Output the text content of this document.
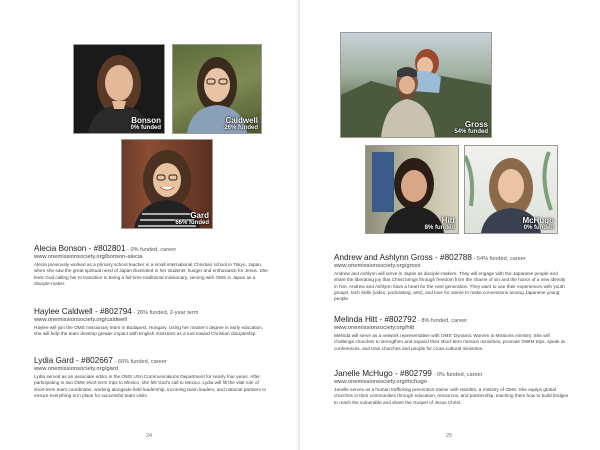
Bonson
0% funded
Caldwell
26% funded
Gard
66% funded
Alecia Bonson - #802801 - 0% funded, career
www.onemissionsociety.org/bonson-alecia
Alecia previously worked as a primary school teacher in a small international Christian school in Tokyo, Japan, when she saw the great spiritual need of Japan illustrated in her students' hunger and enthusiasm for Jesus. She feels God calling her to transition to being a full-time traditional missionary, serving with OMS in Japan as a disciple-maker.
Haylee Caldwell - #802794 - 26% funded, 2-year term
www.onemissionsociety.org/caldwell
Haylee will join the OMS missionary team in Budapest, Hungary. Using her master's degree in early education, she will help the team develop greater impact with English ministries as a tool toward Christian discipleship.
Lydia Gard - #802667 - 66% funded, career
www.onemissionsociety.org/gard
Lydia served as an associate editor in the OMS USA Communications Department for nearly four years. After participating in two OMS short-term trips to Mexico, she felt God's call to Mexico. Lydia will fill the vital role of short-term team coordinator, working alongside field leadership, incoming team leaders, and national partners to ensure everything is in place for successful team visits.
24
Gross
54% funded
Hitt
8% funded
McHugo
0% funded
Andrew and Ashlynn Gross - #802788 - 54% funded, career
www.onemissionsociety.org/gross
Andrew and Ashlynn will serve in Japan as disciple-makers. They will engage with the Japanese people and share the liberating joy that Christ brings through freedom from the shame of sin and the honor of a new identity in him. Andrew and Ashlynn have a heart for the next generation. They want to use their experiences with youth groups, tech skills (video, podcasting, arts), and love for anime to make connections among Japanese young people.
Melinda Hitt - #802792 - 8% funded, career
www.onemissionsociety.org/hitt
Melinda will serve as a network representative with OMS' Dynamic Women in Missions ministry. She will challenge churches to strengthen and expand their short-term mission ministries, promote DWIM trips, speak at conferences, and train churches and people for cross-cultural ministries.
Janelle McHugo - #802799 - 0% funded, career
www.onemissionsociety.org/mchugo
Janelle serves as a human trafficking prevention trainer with Hand81, a ministry of OMS. She equips global churches in their communities through education, resources, and partnership, teaching them how to build bridges to reach the vulnerable and share the Gospel of Jesus Christ.
25
